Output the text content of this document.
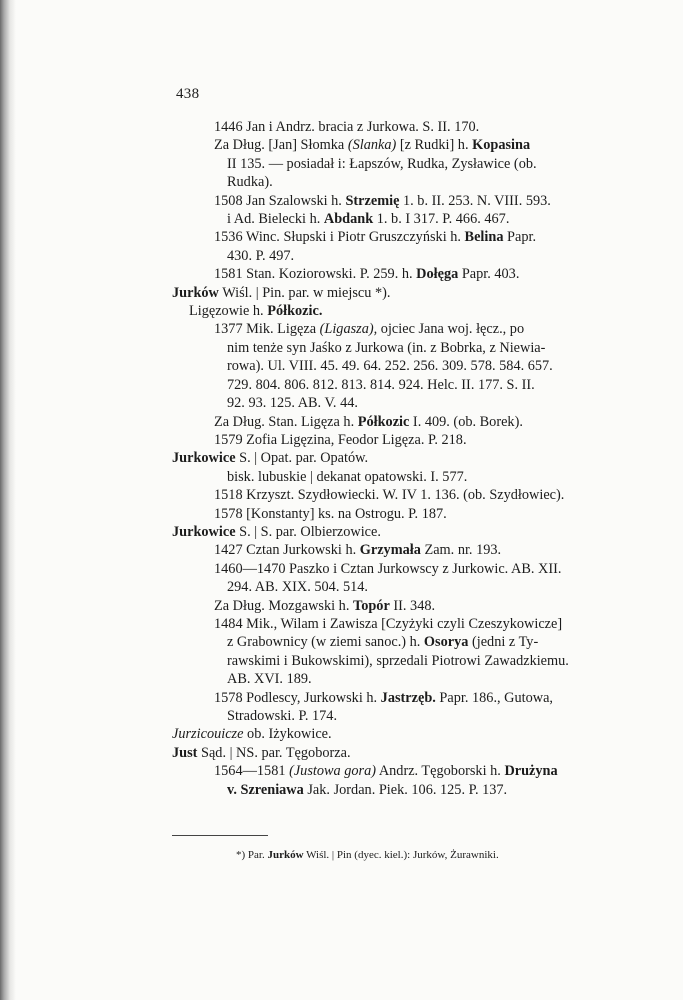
438
1446 Jan i Andrz. bracia z Jurkowa. S. II. 170.
Za Dług. [Jan] Słomka (Slanka) [z Rudki] h. Kopasina
II 135. — posiadał i: Łapszów, Rudka, Zysławice (ob.
Rudka).
1508 Jan Szalowski h. Strzemię 1. b. II. 253. N. VIII. 593.
i Ad. Bielecki h. Abdank 1. b. I 317. P. 466. 467.
1536 Winc. Słupski i Piotr Gruszczyński h. Belina Papr.
430. P. 497.
1581 Stan. Koziorowski. P. 259. h. Dołęga Papr. 403.
Jurków Wiśl. | Pin. par. w miejscu *).
Ligęzowie h. Półkozic.
1377 Mik. Ligęza (Ligasza), ojciec Jana woj. łęcz., po
nim tenże syn Jaśko z Jurkowa (in. z Bobrka, z Niewia-
rowa). Ul. VIII. 45. 49. 64. 252. 256. 309. 578. 584. 657.
729. 804. 806. 812. 813. 814. 924. Helc. II. 177. S. II.
92. 93. 125. AB. V. 44.
Za Dług. Stan. Ligęza h. Półkozic I. 409. (ob. Borek).
1579 Zofia Ligęzina, Feodor Ligęza. P. 218.
Jurkowice S. | Opat. par. Opatów.
bisk. lubuskie | dekanat opatowski. I. 577.
1518 Krzyszt. Szydłowiecki. W. IV 1. 136. (ob. Szydłowiec).
1578 [Konstanty] ks. na Ostrogu. P. 187.
Jurkowice S. | S. par. Olbierzowice.
1427 Cztan Jurkowski h. Grzymała Zam. nr. 193.
1460—1470 Paszko i Cztan Jurkowscy z Jurkowic. AB. XII.
294. AB. XIX. 504. 514.
Za Dług. Mozgawski h. Topór II. 348.
1484 Mik., Wilam i Zawisza [Czyżyki czyli Czeszykowicze]
z Grabownicy (w ziemi sanoc.) h. Osorya (jedni z Ty-
rawskimi i Bukowskimi), sprzedali Piotrowi Zawadzkiemu.
AB. XVI. 189.
1578 Podlescy, Jurkowski h. Jastrzęb. Papr. 186., Gutowa,
Stradowski. P. 174.
Jurzicouicze ob. Iżykowice.
Just Sąd. | NS. par. Tęgoborza.
1564—1581 (Justowa gora) Andrz. Tęgoborski h. Drużyna
v. Szreniawa Jak. Jordan. Piek. 106. 125. P. 137.
*) Par. Jurków Wiśl. | Pin (dyec. kiel.): Jurków, Żurawniki.
